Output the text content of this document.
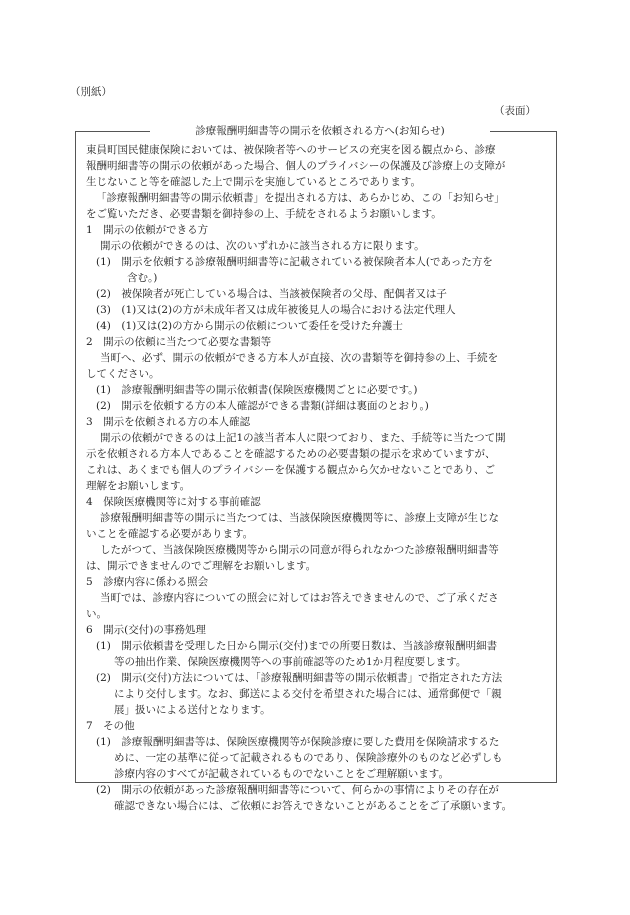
（別紙）
（表面）
診療報酬明細書等の開示を依頼される方へ(お知らせ)
東員町国民健康保険においては、被保険者等へのサービスの充実を図る観点から、診療
報酬明細書等の開示の依頼があった場合、個人のプライバシーの保護及び診療上の支障が
生じないこと等を確認した上で開示を実施しているところであります。
「診療報酬明細書等の開示依頼書」を提出される方は、あらかじめ、この「お知らせ」
をご覧いただき、必要書類を御持参の上、手続をされるようお願いします。
1　開示の依頼ができる方
開示の依頼ができるのは、次のいずれかに該当される方に限ります。
(1)　開示を依頼する診療報酬明細書等に記載されている被保険者本人(であった方を
含む。)
(2)　被保険者が死亡している場合は、当該被保険者の父母、配偶者又は子
(3)　(1)又は(2)の方が未成年者又は成年被後見人の場合における法定代理人
(4)　(1)又は(2)の方から開示の依頼について委任を受けた弁護士
2　開示の依頼に当たつて必要な書類等
当町へ、必ず、開示の依頼ができる方本人が直接、次の書類等を御持参の上、手続を
してください。
(1)　診療報酬明細書等の開示依頼書(保険医療機関ごとに必要です。)
(2)　開示を依頼する方の本人確認ができる書類(詳細は裏面のとおり。)
3　開示を依頼される方の本人確認
開示の依頼ができるのは上記1の該当者本人に限つており、また、手続等に当たつて開
示を依頼される方本人であることを確認するための必要書類の提示を求めていますが、
これは、あくまでも個人のプライバシーを保護する観点から欠かせないことであり、ご
理解をお願いします。
4　保険医療機関等に対する事前確認
診療報酬明細書等の開示に当たつては、当該保険医療機関等に、診療上支障が生じな
いことを確認する必要があります。
したがつて、当該保険医療機関等から開示の同意が得られなかつた診療報酬明細書等
は、開示できませんのでご理解をお願いします。
5　診療内容に係わる照会
当町では、診療内容についての照会に対してはお答えできませんので、ご了承くださ
い。
6　開示(交付)の事務処理
(1)　開示依頼書を受理した日から開示(交付)までの所要日数は、当該診療報酬明細書
等の抽出作業、保険医療機関等への事前確認等のため1か月程度要します。
(2)　開示(交付)方法については、「診療報酬明細書等の開示依頼書」で指定された方法
により交付します。なお、郵送による交付を希望された場合には、通常郵便で「親
展」扱いによる送付となります。
7　その他
(1)　診療報酬明細書等は、保険医療機関等が保険診療に要した費用を保険請求するた
めに、一定の基準に従って記載されるものであり、保険診療外のものなど必ずしも
診療内容のすべてが記載されているものでないことをご理解願います。
(2)　開示の依頼があった診療報酬明細書等について、何らかの事情によりその存在が
確認できない場合には、ご依頼にお答えできないことがあることをご了承願います。
